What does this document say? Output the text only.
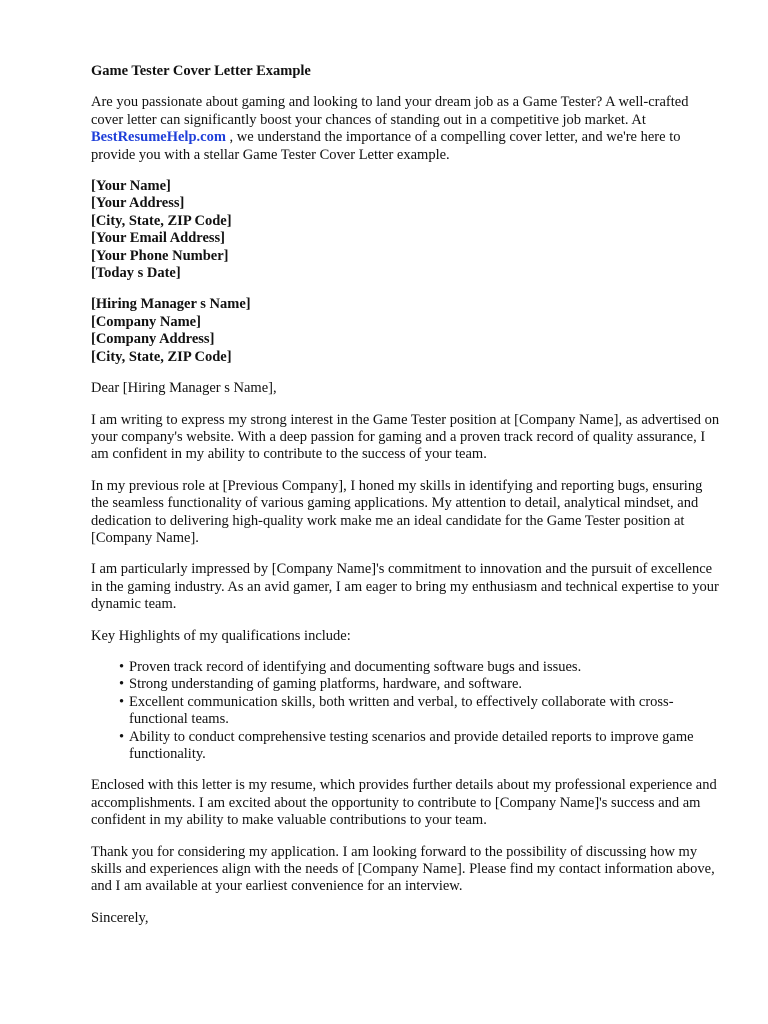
Game Tester Cover Letter Example

Are you passionate about gaming and looking to land your dream job as a Game Tester? A well-crafted cover letter can significantly boost your chances of standing out in a competitive job market. At BestResumeHelp.com , we understand the importance of a compelling cover letter, and we're here to provide you with a stellar Game Tester Cover Letter example.

[Your Name]
[Your Address]
[City, State, ZIP Code]
[Your Email Address]
[Your Phone Number]
[Today s Date]
[Hiring Manager s Name]
[Company Name]
[Company Address]
[City, State, ZIP Code]

Dear [Hiring Manager s Name],

I am writing to express my strong interest in the Game Tester position at [Company Name], as advertised on your company's website. With a deep passion for gaming and a proven track record of quality assurance, I am confident in my ability to contribute to the success of your team.

In my previous role at [Previous Company], I honed my skills in identifying and reporting bugs, ensuring the seamless functionality of various gaming applications. My attention to detail, analytical mindset, and dedication to delivering high-quality work make me an ideal candidate for the Game Tester position at [Company Name].

I am particularly impressed by [Company Name]'s commitment to innovation and the pursuit of excellence in the gaming industry. As an avid gamer, I am eager to bring my enthusiasm and technical expertise to your dynamic team.

Key Highlights of my qualifications include:

• Proven track record of identifying and documenting software bugs and issues.
• Strong understanding of gaming platforms, hardware, and software.
• Excellent communication skills, both written and verbal, to effectively collaborate with cross-functional teams.
• Ability to conduct comprehensive testing scenarios and provide detailed reports to improve game functionality.

Enclosed with this letter is my resume, which provides further details about my professional experience and accomplishments. I am excited about the opportunity to contribute to [Company Name]'s success and am confident in my ability to make valuable contributions to your team.

Thank you for considering my application. I am looking forward to the possibility of discussing how my skills and experiences align with the needs of [Company Name]. Please find my contact information above, and I am available at your earliest convenience for an interview.

Sincerely,
